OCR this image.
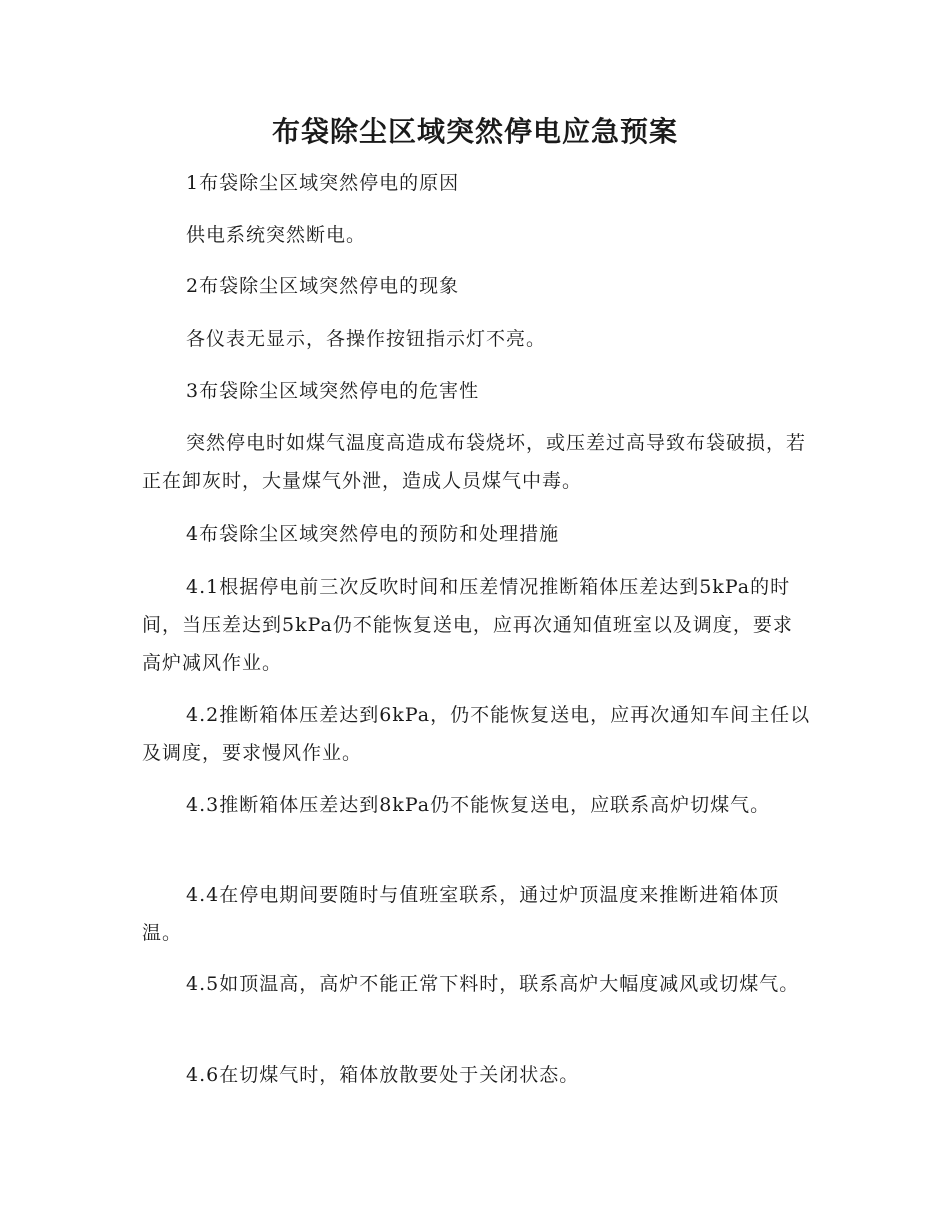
布袋除尘区域突然停电应急预案
1布袋除尘区域突然停电的原因
供电系统突然断电。
2布袋除尘区域突然停电的现象
各仪表无显示，各操作按钮指示灯不亮。
3布袋除尘区域突然停电的危害性
突然停电时如煤气温度高造成布袋烧坏，或压差过高导致布袋破损，若正在卸灰时，大量煤气外泄，造成人员煤气中毒。
4布袋除尘区域突然停电的预防和处理措施
4.1根据停电前三次反吹时间和压差情况推断箱体压差达到5kPa的时间，当压差达到5kPa仍不能恢复送电，应再次通知值班室以及调度，要求高炉减风作业。
4.2推断箱体压差达到6kPa，仍不能恢复送电，应再次通知车间主任以及调度，要求慢风作业。
4.3推断箱体压差达到8kPa仍不能恢复送电，应联系高炉切煤气。
4.4在停电期间要随时与值班室联系，通过炉顶温度来推断进箱体顶温。
4.5如顶温高，高炉不能正常下料时，联系高炉大幅度减风或切煤气。
4.6在切煤气时，箱体放散要处于关闭状态。
